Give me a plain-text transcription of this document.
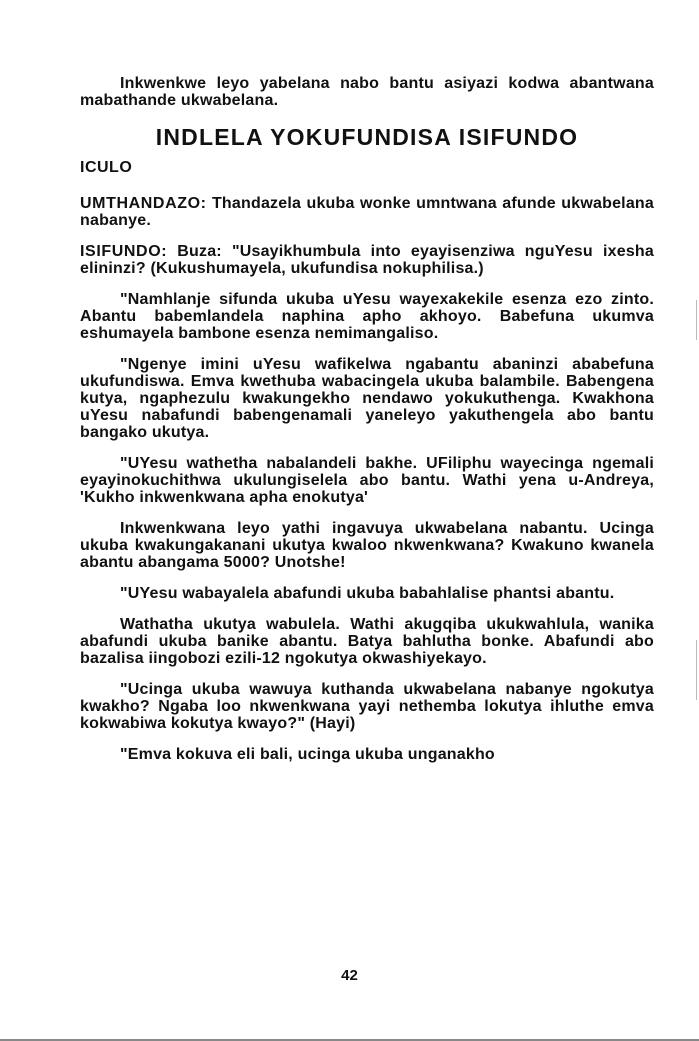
Inkwenkwe leyo yabelana nabo bantu asiyazi kodwa abantwana mabathande ukwabelana.

INDLELA YOKUFUNDISA ISIFUNDO
ICULO

UMTHANDAZO: Thandazela ukuba wonke umntwana afunde ukwabelana nabanye.

ISIFUNDO: Buza: "Usayikhumbula into eyayisenziwa nguYesu ixesha elininzi? (Kukushumayela, ukufundisa nokuphilisa.)

"Namhlanje sifunda ukuba uYesu wayexakekile esenza ezo zinto. Abantu babemlandela naphina apho akhoyo. Babefuna ukumva eshumayela bambone esenza nemimangaliso.

"Ngenye imini uYesu wafikelwa ngabantu abaninzi ababefuna ukufundiswa. Emva kwethuba wabacingela ukuba balambile. Babengena kutya, ngaphezulu kwakungekho nendawo yokukuthenga. Kwakhona uYesu nabafundi babengenamali yaneleyo yakuthengela abo bantu bangako ukutya.

"UYesu wathetha nabalandeli bakhe. UFiliphu wayecinga ngemali eyayinokuchithwa ukulungiselela abo bantu. Wathi yena u-Andreya, 'Kukho inkwenkwana apha enokutya'

Inkwenkwana leyo yathi ingavuya ukwabelana nabantu. Ucinga ukuba kwakungakanani ukutya kwaloo nkwenkwana? Kwakuno kwanela abantu abangama 5000? Unotshe!

"UYesu wabayalela abafundi ukuba babahlalise phantsi abantu.

Wathatha ukutya wabulela. Wathi akugqiba ukukwahlula, wanika abafundi ukuba banike abantu. Batya bahlutha bonke. Abafundi abo bazalisa iingobozi ezili-12 ngokutya okwashiyekayo.

"Ucinga ukuba wawuya kuthanda ukwabelana nabanye ngokutya kwakho? Ngaba loo nkwenkwana yayi nethemba lokutya ihluthe emva kokwabiwa kokutya kwayo?" (Hayi)

"Emva kokuva eli bali, ucinga ukuba unganakho

42
